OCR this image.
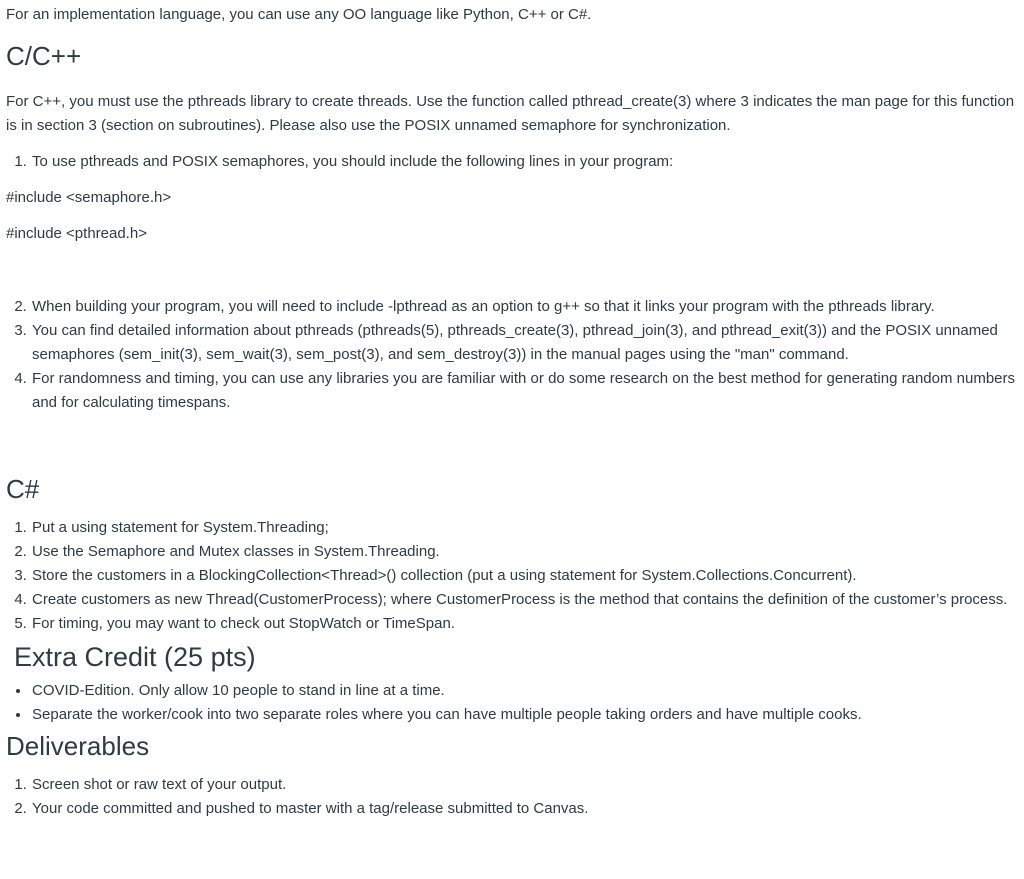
For an implementation language, you can use any OO language like Python, C++ or C#.

C/C++

For C++, you must use the pthreads library to create threads. Use the function called pthread_create(3) where 3 indicates the man page for this function is in section 3 (section on subroutines). Please also use the POSIX unnamed semaphore for synchronization.

1. To use pthreads and POSIX semaphores, you should include the following lines in your program:

#include <semaphore.h>

#include <pthread.h>

2. When building your program, you will need to include -lpthread as an option to g++ so that it links your program with the pthreads library.
3. You can find detailed information about pthreads (pthreads(5), pthreads_create(3), pthread_join(3), and pthread_exit(3)) and the POSIX unnamed semaphores (sem_init(3), sem_wait(3), sem_post(3), and sem_destroy(3)) in the manual pages using the "man" command.
4. For randomness and timing, you can use any libraries you are familiar with or do some research on the best method for generating random numbers and for calculating timespans.
C#
1. Put a using statement for System.Threading;
2. Use the Semaphore and Mutex classes in System.Threading.
3. Store the customers in a BlockingCollection<Thread>() collection (put a using statement for System.Collections.Concurrent).
4. Create customers as new Thread(CustomerProcess); where CustomerProcess is the method that contains the definition of the customer’s process.
5. For timing, you may want to check out StopWatch or TimeSpan.
Extra Credit (25 pts)
• COVID-Edition. Only allow 10 people to stand in line at a time.
• Separate the worker/cook into two separate roles where you can have multiple people taking orders and have multiple cooks.
Deliverables
1. Screen shot or raw text of your output.
2. Your code committed and pushed to master with a tag/release submitted to Canvas.
